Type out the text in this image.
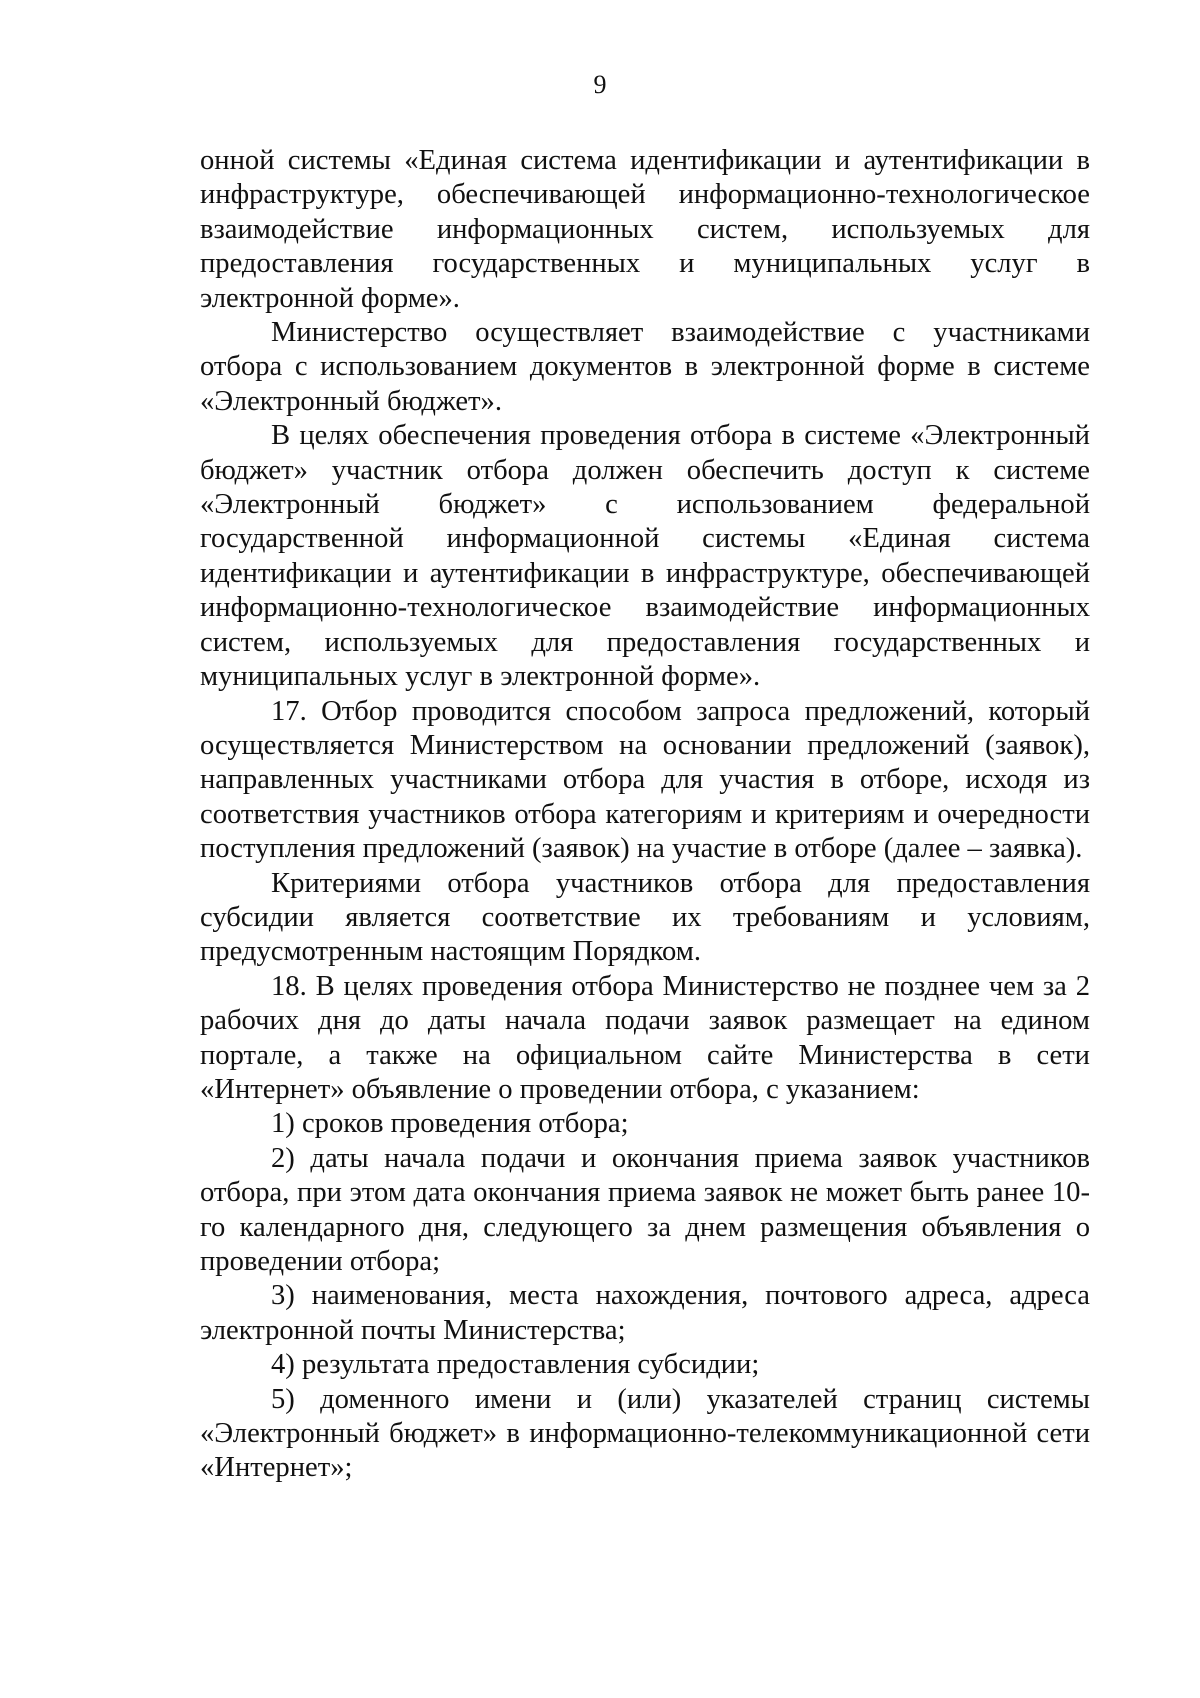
9

онной системы «Единая система идентификации и аутентификации в инфраструктуре, обеспечивающей информационно-технологическое взаимодействие информационных систем, используемых для предоставления государственных и муниципальных услуг в электронной форме».

Министерство осуществляет взаимодействие с участниками отбора с использованием документов в электронной форме в системе «Электронный бюджет».

В целях обеспечения проведения отбора в системе «Электронный бюджет» участник отбора должен обеспечить доступ к системе «Электронный бюджет» с использованием федеральной государственной информационной системы «Единая система идентификации и аутентификации в инфраструктуре, обеспечивающей информационно-технологическое взаимодействие информационных систем, используемых для предоставления государственных и муниципальных услуг в электронной форме».

17. Отбор проводится способом запроса предложений, который осуществляется Министерством на основании предложений (заявок), направленных участниками отбора для участия в отборе, исходя из соответствия участников отбора категориям и критериям и очередности поступления предложений (заявок) на участие в отборе (далее – заявка).

Критериями отбора участников отбора для предоставления субсидии является соответствие их требованиям и условиям, предусмотренным настоящим Порядком.

18. В целях проведения отбора Министерство не позднее чем за 2 рабочих дня до даты начала подачи заявок размещает на едином портале, а также на официальном сайте Министерства в сети «Интернет» объявление о проведении отбора, с указанием:

1) сроков проведения отбора;

2) даты начала подачи и окончания приема заявок участников отбора, при этом дата окончания приема заявок не может быть ранее 10-го календарного дня, следующего за днем размещения объявления о проведении отбора;

3) наименования, места нахождения, почтового адреса, адреса электронной почты Министерства;

4) результата предоставления субсидии;

5) доменного имени и (или) указателей страниц системы «Электронный бюджет» в информационно-телекоммуникационной сети «Интернет»;
